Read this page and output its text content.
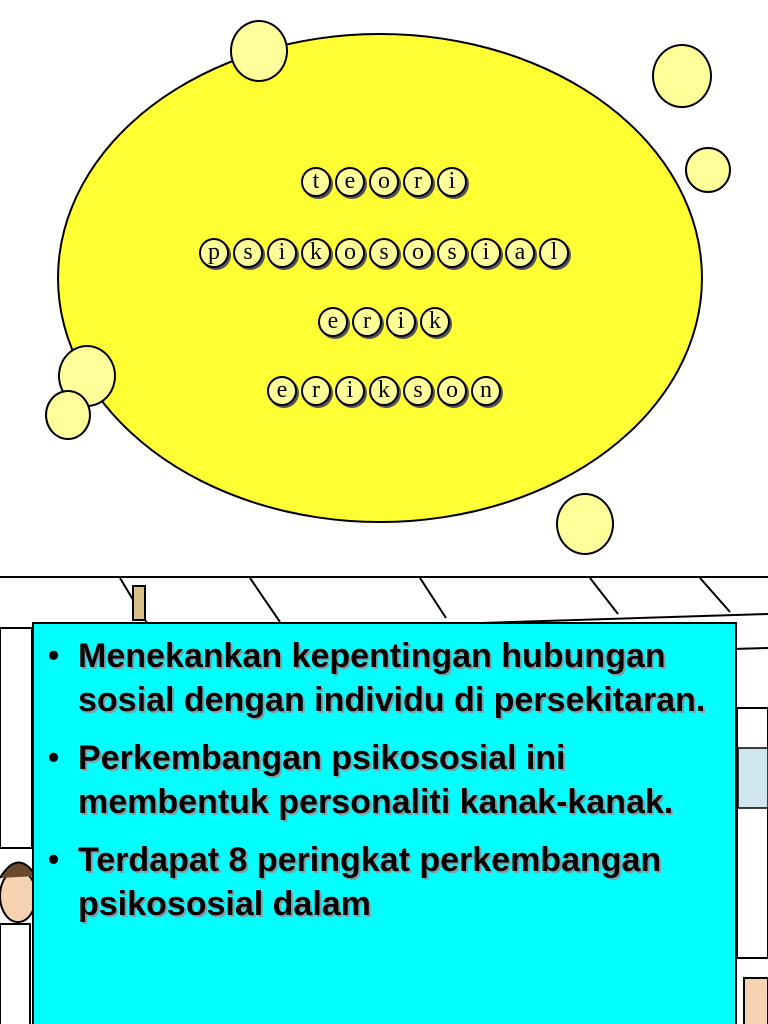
t	e o	r	i
p s	i	k o s o s	i	a	l
e	r	i	k
e	r	i	k s o n
• Menekankan kepentingan hubungan sosial dengan individu di persekitaran.
• Perkembangan psikososial ini membentuk personaliti kanak-kanak.
• Terdapat 8 peringkat perkembangan psikososial dalam
